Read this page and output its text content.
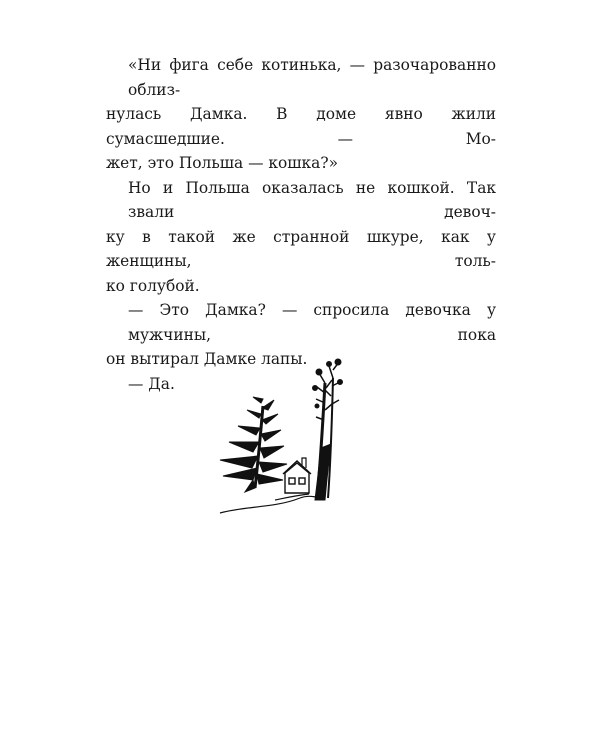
«Ни фига себе котинька, — разочарованно облиз-
нулась Дамка. В доме явно жили сумасшедшие. — Мо-
жет, это Польша — кошка?»
Но и Польша оказалась не кошкой. Так звали девоч-
ку в такой же странной шкуре, как у женщины, толь-
ко голубой.
— Это Дамка? — спросила девочка у мужчины, пока
он вытирал Дамке лапы.
— Да.
